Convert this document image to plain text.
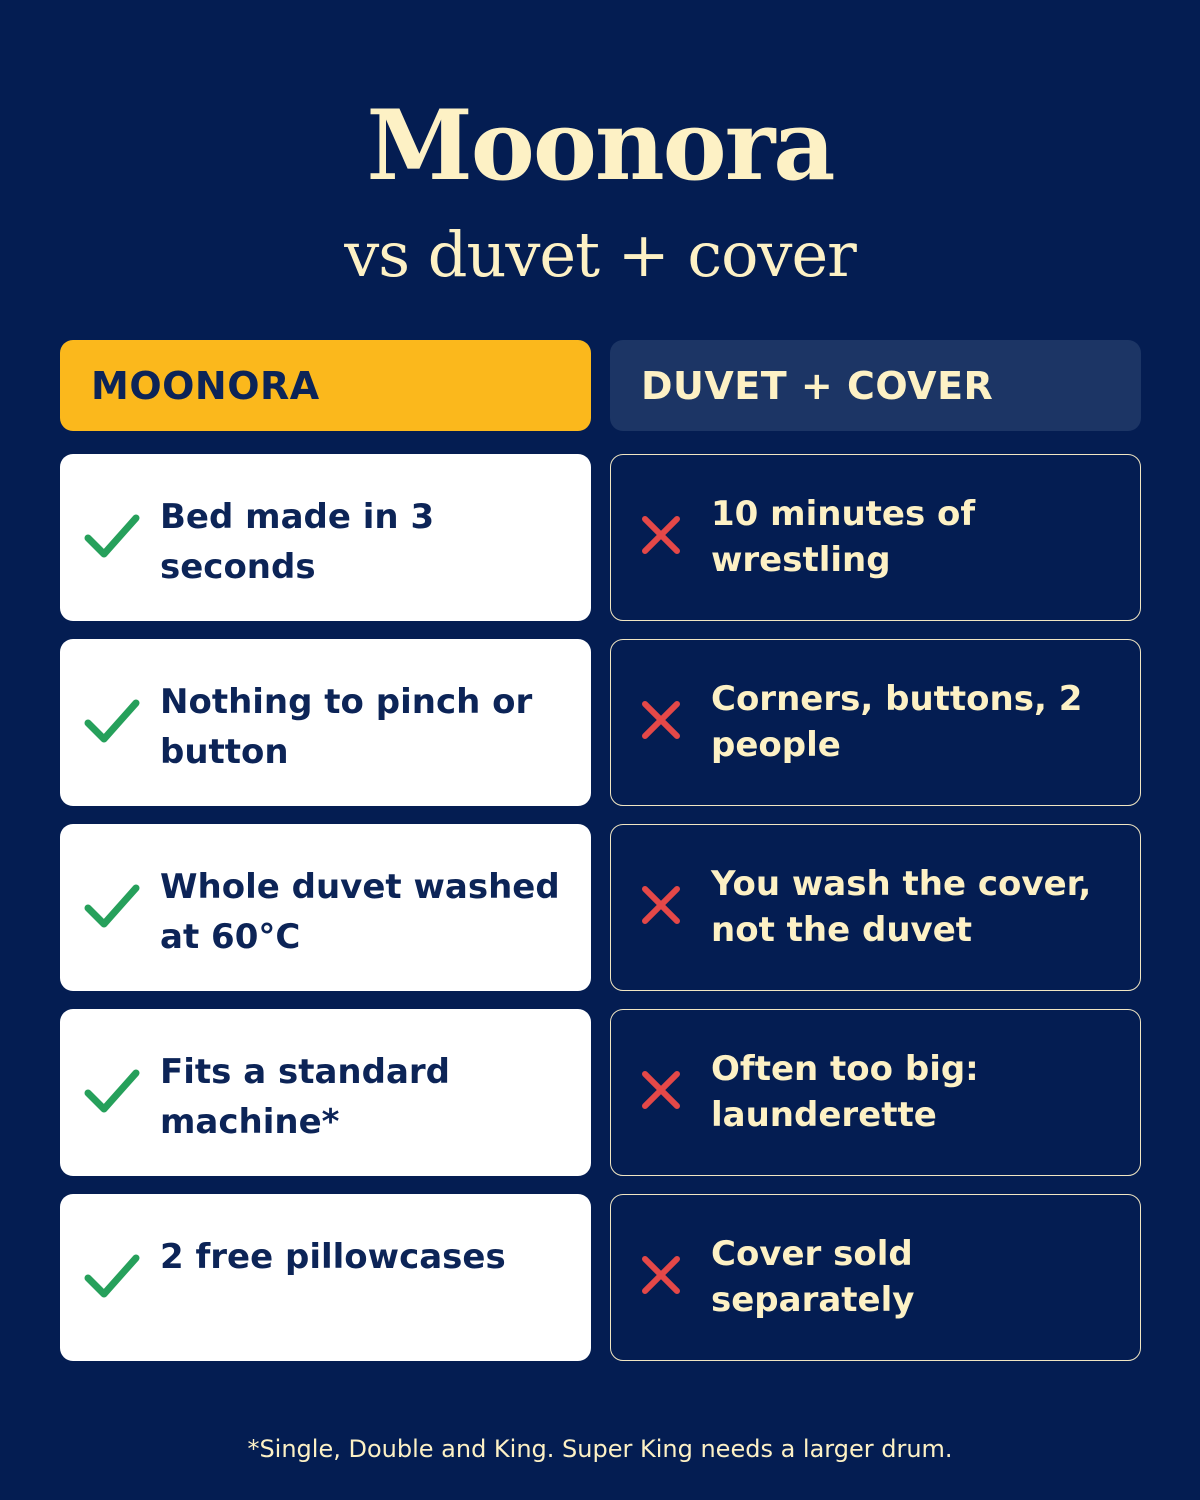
Moonora

vs duvet + cover

MOONORA

Bed made in 3 seconds

Nothing to pinch or button

Whole duvet washed at 60°C

Fits a standard machine*

2 free pillowcases

DUVET + COVER

10 minutes of wrestling

Corners, buttons, 2 people

You wash the cover, not the duvet

Often too big: launderette

Cover sold separately

*Single, Double and King. Super King needs a larger drum.
